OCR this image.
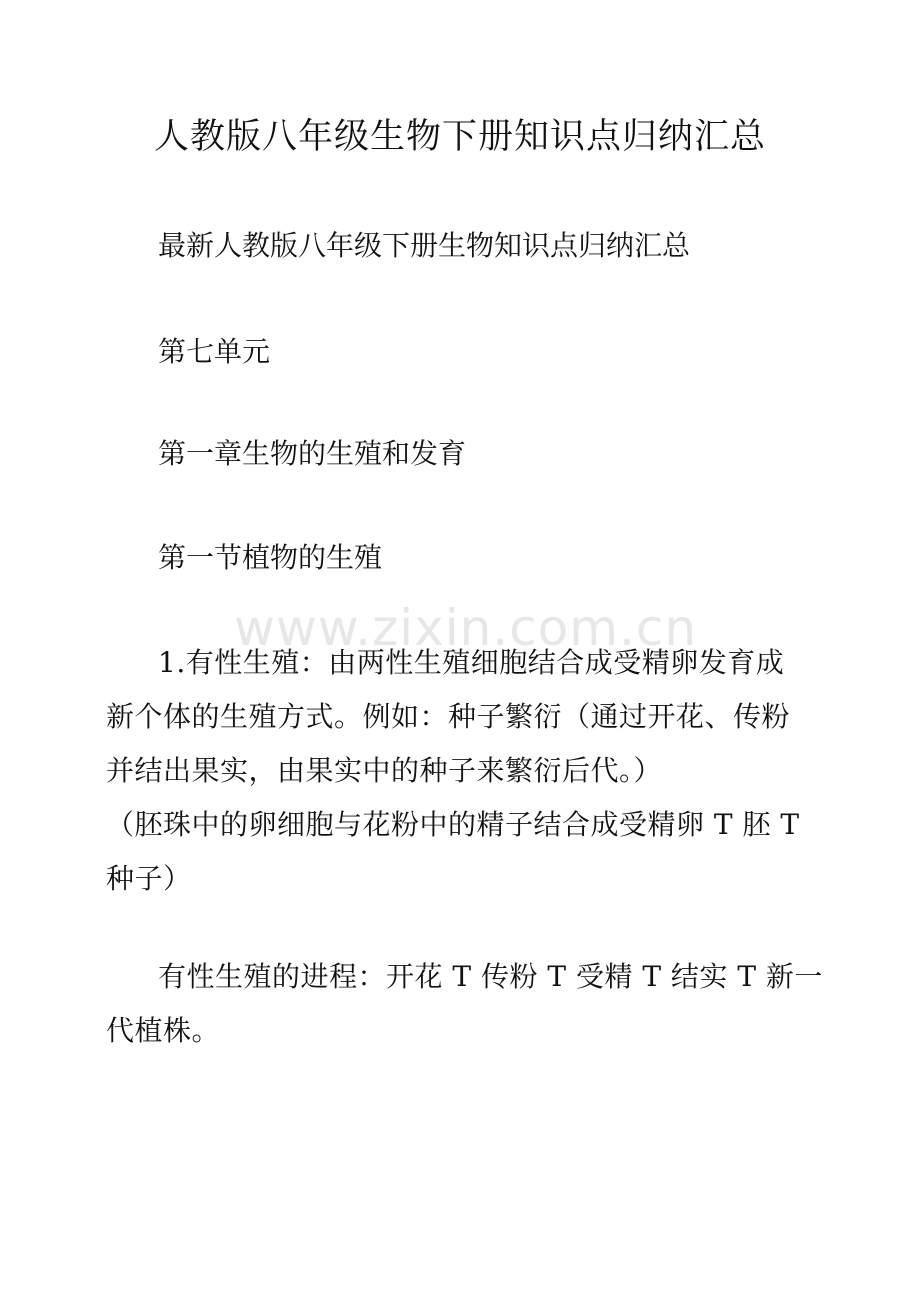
人教版八年级生物下册知识点归纳汇总
最新人教版八年级下册生物知识点归纳汇总
第七单元
第一章生物的生殖和发育
第一节植物的生殖
1.有性生殖：由两性生殖细胞结合成受精卵发育成
新个体的生殖方式。例如：种子繁衍（通过开花、传粉
并结出果实，由果实中的种子来繁衍后代。）
（胚珠中的卵细胞与花粉中的精子结合成受精卵 T 胚 T
种子）
有性生殖的进程：开花 T 传粉 T 受精 T 结实 T 新一
代植株。
www.zixin.com.cn
